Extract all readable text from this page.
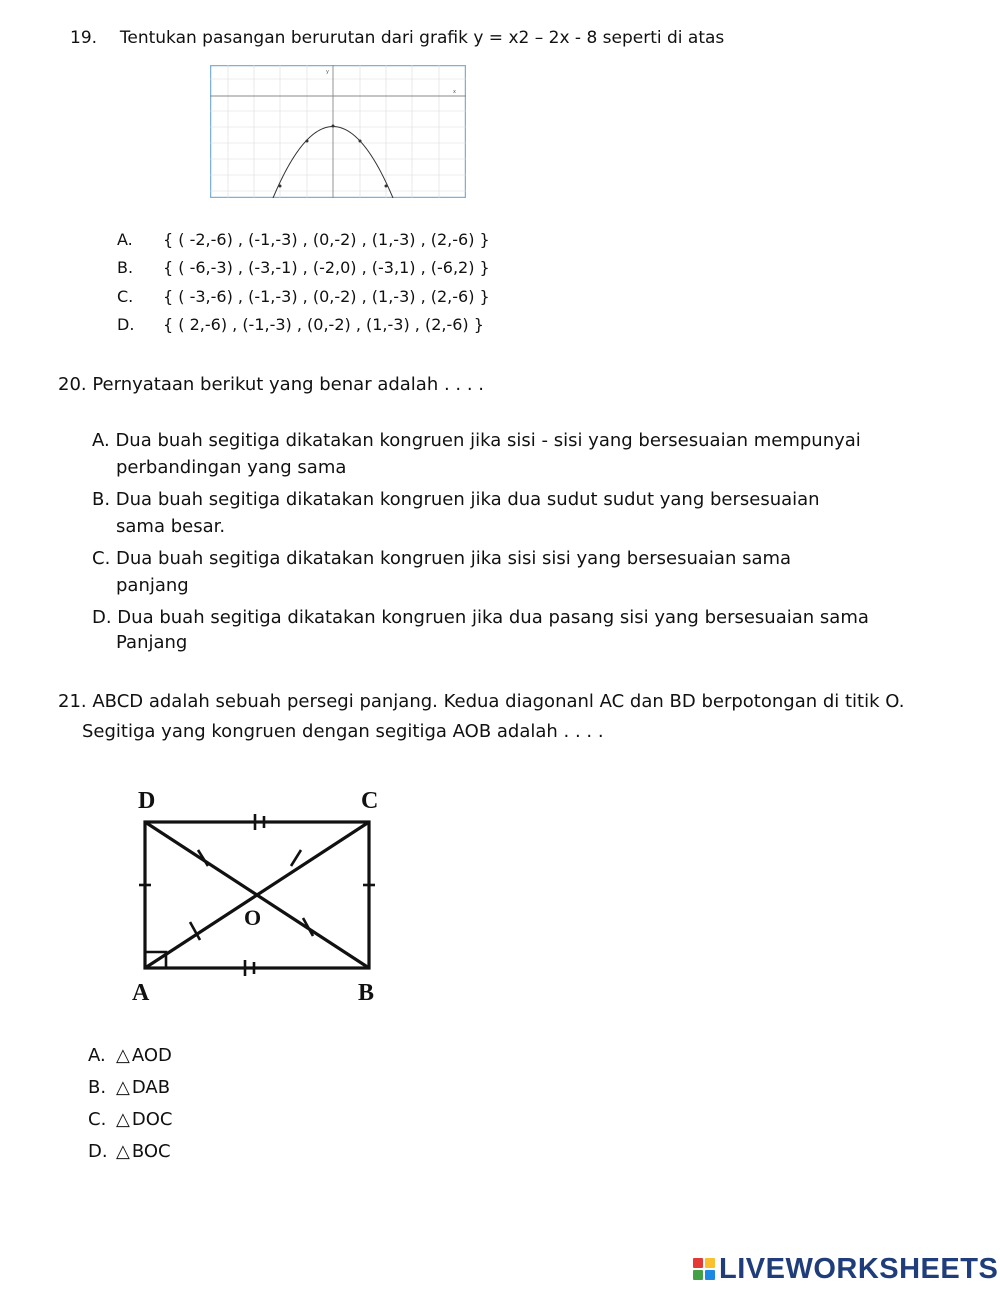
19. Tentukan pasangan berurutan dari grafik y = x2 – 2x - 8 seperti di atas
x
y
A. { ( -2,-6) , (-1,-3) , (0,-2) , (1,-3) , (2,-6) }
B. { ( -6,-3) , (-3,-1) , (-2,0) , (-3,1) , (-6,2) }
C. { ( -3,-6) , (-1,-3) , (0,-2) , (1,-3) , (2,-6) }
D. { ( 2,-6) , (-1,-3) , (0,-2) , (1,-3) , (2,-6) }
20. Pernyataan berikut yang benar adalah . . . .
A. Dua buah segitiga dikatakan kongruen jika sisi - sisi yang bersesuaian mempunyai
perbandingan yang sama
B. Dua buah segitiga dikatakan kongruen jika dua sudut sudut yang bersesuaian
sama besar.
C. Dua buah segitiga dikatakan kongruen jika sisi sisi yang bersesuaian sama
panjang
D. Dua buah segitiga dikatakan kongruen jika dua pasang sisi yang bersesuaian sama
Panjang
21. ABCD adalah sebuah persegi panjang. Kedua diagonanl AC dan BD berpotongan di titik O.
Segitiga yang kongruen dengan segitiga AOB adalah . . . .
D	C
A	B
O
A. △ AOD
B. △ DAB
C. △ DOC
D. △ BOC
LIVEWORKSHEETS
